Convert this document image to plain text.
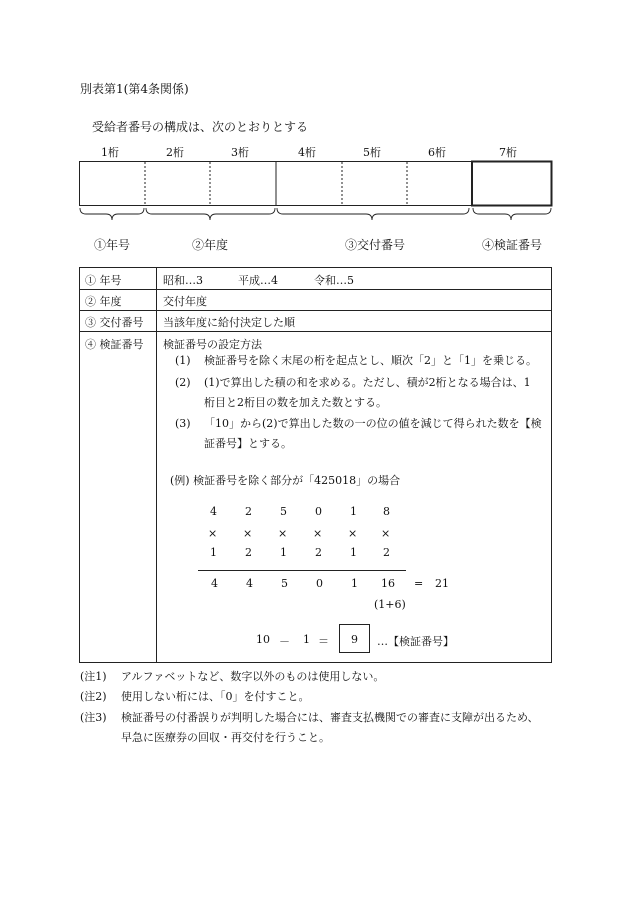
別表第1(第4条関係)
受給者番号の構成は、次のとおりとする
1桁	2桁	3桁	4桁	5桁	6桁	7桁
①年号	②年度	③交付番号	④検証番号
① 年号	昭和…3	平成…4	令和…5
② 年度	交付年度
③ 交付番号 当該年度に給付決定した順
④ 検証番号 検証番号の設定方法
(1) 検証番号を除く末尾の桁を起点とし、順次「2」と「1」を乗じる。
(2) (1)で算出した積の和を求める。ただし、積が2桁となる場合は、1
桁目と2桁目の数を加えた数とする。
(3) 「10」から(2)で算出した数の一の位の値を減じて得られた数を【検
証番号】とする。
(例) 検証番号を除く部分が「425018」の場合
4	2	5	0	1 8
× × × × × ×
1	2	1	2	1 2
4	4	5	0	1 16 = 21
(1+6)
10 － 1 ＝ 9 …【検証番号】
(注1) アルファベットなど、数字以外のものは使用しない。
(注2) 使用しない桁には、「0」を付すこと。
(注3) 検証番号の付番誤りが判明した場合には、審査支払機関での審査に支障が出るため、
早急に医療券の回収・再交付を行うこと。
